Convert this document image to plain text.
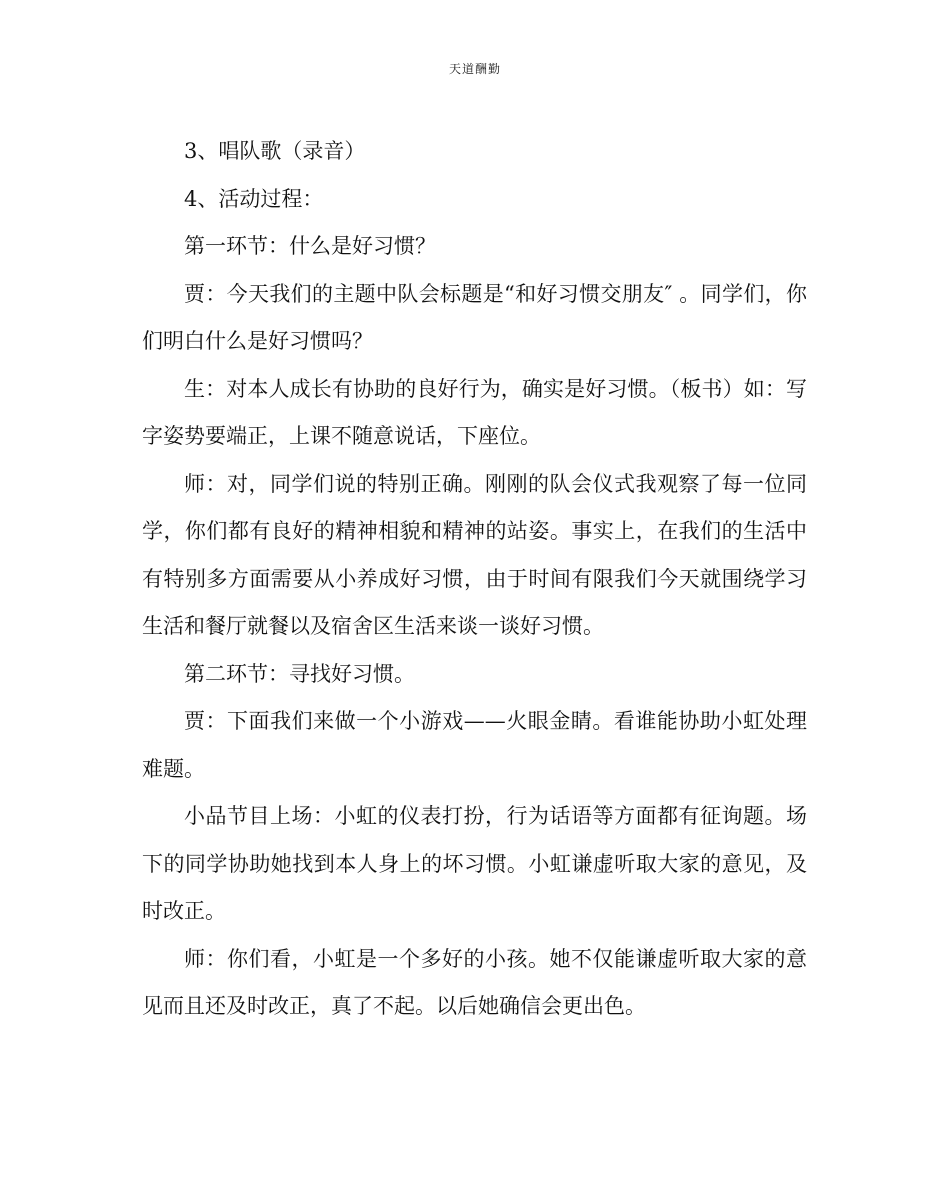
天道酬勤

3、唱队歌（录音）

4、活动过程：

第一环节：什么是好习惯？

贾：今天我们的主题中队会标题是“和好习惯交朋友″ 。同学们，你们明白什么是好习惯吗？

生：对本人成长有协助的良好行为，确实是好习惯。（板书）如：写字姿势要端正，上课不随意说话，下座位。

师：对，同学们说的特别正确。刚刚的队会仪式我观察了每一位同学，你们都有良好的精神相貌和精神的站姿。事实上，在我们的生活中有特别多方面需要从小养成好习惯，由于时间有限我们今天就围绕学习生活和餐厅就餐以及宿舍区生活来谈一谈好习惯。

第二环节：寻找好习惯。

贾：下面我们来做一个小游戏——火眼金睛。看谁能协助小虹处理难题。

小品节目上场：小虹的仪表打扮，行为话语等方面都有征询题。场下的同学协助她找到本人身上的坏习惯。小虹谦虚听取大家的意见，及时改正。

师：你们看，小虹是一个多好的小孩。她不仅能谦虚听取大家的意见而且还及时改正，真了不起。以后她确信会更出色。
